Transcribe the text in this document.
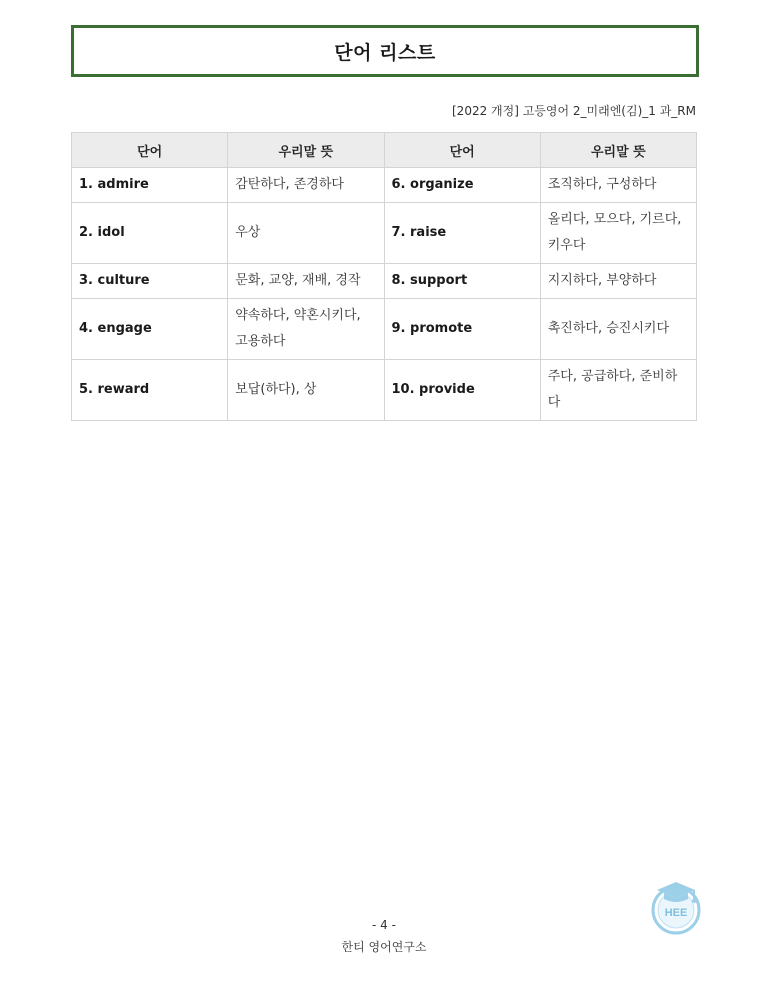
단어 리스트
[2022 개정] 고등영어 2_미래엔(김)_1 과_RM
단어	우리말 뜻	단어	우리말 뜻
1. admire	감탄하다, 존경하다	6. organize	조직하다, 구성하다
2. idol	우상	7. raise	올리다, 모으다, 기르다, 키우다
3. culture	문화, 교양, 재배, 경작	8. support	지지하다, 부양하다
4. engage	약속하다, 약혼시키다, 고용하다	9. promote	촉진하다, 승진시키다
5. reward	보답(하다), 상	10. provide	주다, 공급하다, 준비하다
- 4 -
한티 영어연구소
HEE
